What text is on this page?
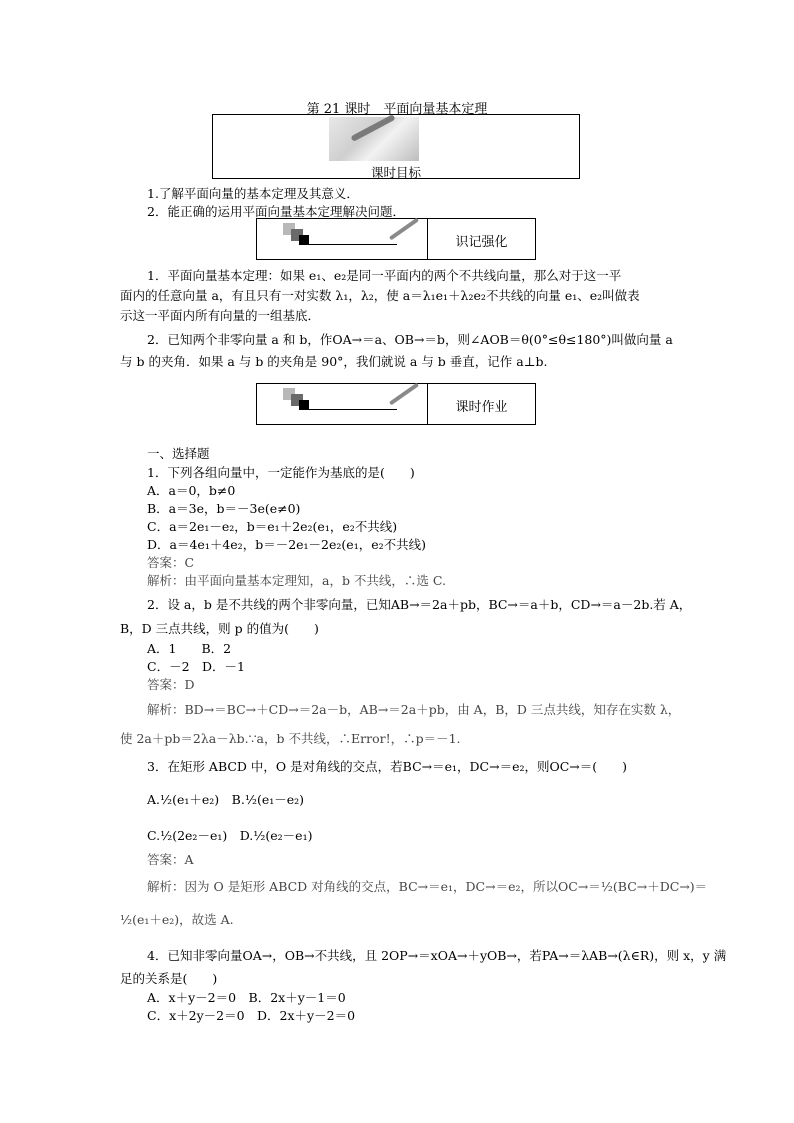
第 21 课时　平面向量基本定理
课时目标
1.了解平面向量的基本定理及其意义．
2．能正确的运用平面向量基本定理解决问题．
识记强化
1．平面向量基本定理：如果 e₁、e₂是同一平面内的两个不共线向量，那么对于这一平
面内的任意向量 a，有且只有一对实数 λ₁，λ₂，使 a＝λ₁e₁＋λ₂e₂不共线的向量 e₁、e₂叫做表
示这一平面内所有向量的一组基底．
2．已知两个非零向量 a 和 b，作OA→＝a、OB→＝b，则∠AOB＝θ(0°≤θ≤180°)叫做向量 a
与 b 的夹角．如果 a 与 b 的夹角是 90°，我们就说 a 与 b 垂直，记作 a⊥b.
课时作业
一、选择题
1．下列各组向量中，一定能作为基底的是(　　)
A．a＝0，b≠0
B．a＝3e，b＝－3e(e≠0)
C．a＝2e₁－e₂，b＝e₁＋2e₂(e₁，e₂不共线)
D．a＝4e₁＋4e₂，b＝－2e₁－2e₂(e₁，e₂不共线)
答案：C
解析：由平面向量基本定理知，a，b 不共线，∴选 C.
2．设 a，b 是不共线的两个非零向量，已知AB→＝2a＋pb，BC→＝a＋b，CD→＝a－2b.若 A，
B，D 三点共线，则 p 的值为(　　)
A．1　　B．2
C．－2　D．－1
答案：D
解析：BD→＝BC→＋CD→＝2a－b，AB→＝2a＋pb，由 A，B，D 三点共线，知存在实数 λ，
使 2a＋pb＝2λa－λb.∵a，b 不共线，∴Error!，∴p＝－1.
3．在矩形 ABCD 中，O 是对角线的交点，若BC→＝e₁，DC→＝e₂，则OC→＝(　　)
A.½(e₁＋e₂)　B.½(e₁－e₂)
C.½(2e₂－e₁)　D.½(e₂－e₁)
答案：A
解析：因为 O 是矩形 ABCD 对角线的交点，BC→＝e₁，DC→＝e₂，所以OC→＝½(BC→＋DC→)＝
½(e₁＋e₂)，故选 A.
4．已知非零向量OA→，OB→不共线，且 2OP→＝xOA→＋yOB→，若PA→＝λAB→(λ∈R)，则 x，y 满
足的关系是(　　)
A．x＋y－2＝0　B．2x＋y－1＝0
C．x＋2y－2＝0　D．2x＋y－2＝0
